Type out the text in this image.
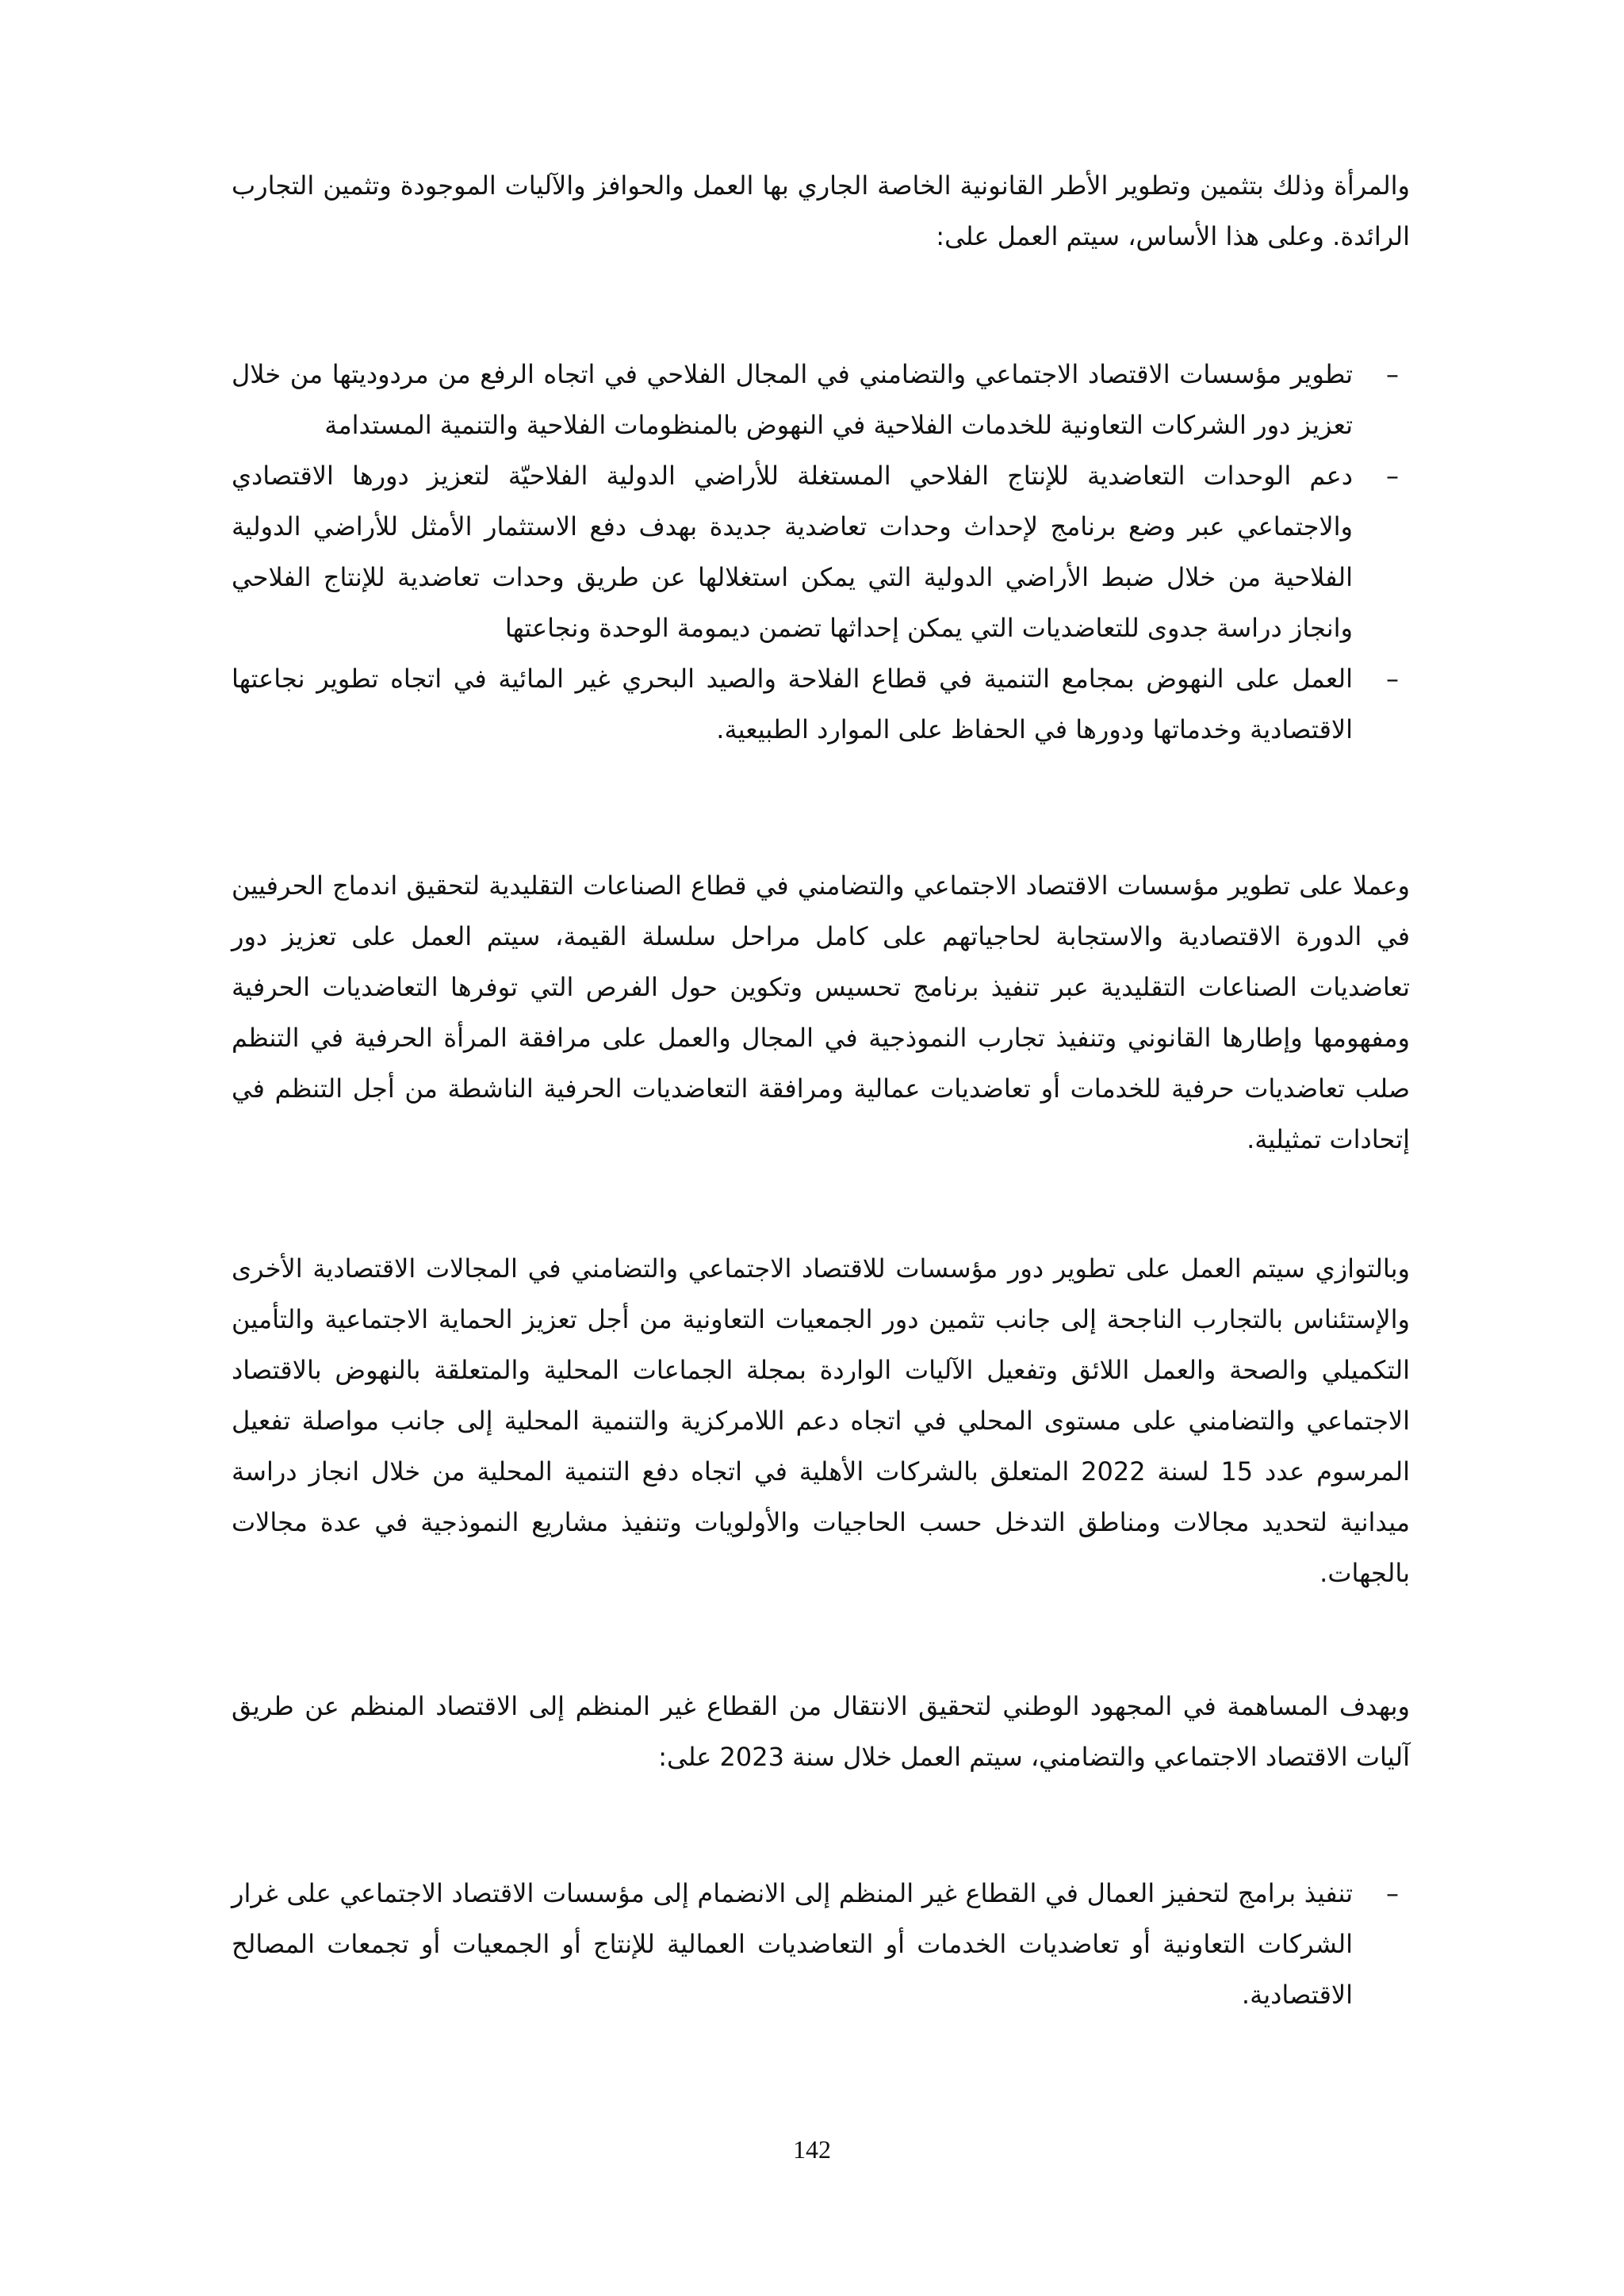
والمرأة وذلك بتثمين وتطوير الأطر القانونية الخاصة الجاري بها العمل والحوافز والآليات الموجودة وتثمين التجارب الرائدة. وعلى هذا الأساس، سيتم العمل على:

–
تطوير مؤسسات الاقتصاد الاجتماعي والتضامني في المجال الفلاحي في اتجاه الرفع من مردوديتها من خلال تعزيز دور الشركات التعاونية للخدمات الفلاحية في النهوض بالمنظومات الفلاحية والتنمية المستدامة
–
دعم الوحدات التعاضدية للإنتاج الفلاحي المستغلة للأراضي الدولية الفلاحيّة لتعزيز دورها الاقتصادي والاجتماعي عبر وضع برنامج لإحداث وحدات تعاضدية جديدة بهدف دفع الاستثمار الأمثل للأراضي الدولية الفلاحية من خلال ضبط الأراضي الدولية التي يمكن استغلالها عن طريق وحدات تعاضدية للإنتاج الفلاحي وانجاز دراسة جدوى للتعاضديات التي يمكن إحداثها تضمن ديمومة الوحدة ونجاعتها
–
العمل على النهوض بمجامع التنمية في قطاع الفلاحة والصيد البحري غير المائية في اتجاه تطوير نجاعتها الاقتصادية وخدماتها ودورها في الحفاظ على الموارد الطبيعية.

وعملا على تطوير مؤسسات الاقتصاد الاجتماعي والتضامني في قطاع الصناعات التقليدية لتحقيق اندماج الحرفيين في الدورة الاقتصادية والاستجابة لحاجياتهم على كامل مراحل سلسلة القيمة، سيتم العمل على تعزيز دور تعاضديات الصناعات التقليدية عبر تنفيذ برنامج تحسيس وتكوين حول الفرص التي توفرها التعاضديات الحرفية ومفهومها وإطارها القانوني وتنفيذ تجارب النموذجية في المجال والعمل على مرافقة المرأة الحرفية في التنظم صلب تعاضديات حرفية للخدمات أو تعاضديات عمالية ومرافقة التعاضديات الحرفية الناشطة من أجل التنظم في إتحادات تمثيلية.

وبالتوازي سيتم العمل على تطوير دور مؤسسات للاقتصاد الاجتماعي والتضامني في المجالات الاقتصادية الأخرى والإستئناس بالتجارب الناجحة إلى جانب تثمين دور الجمعيات التعاونية من أجل تعزيز الحماية الاجتماعية والتأمين التكميلي والصحة والعمل اللائق وتفعيل الآليات الواردة بمجلة الجماعات المحلية والمتعلقة بالنهوض بالاقتصاد الاجتماعي والتضامني على مستوى المحلي في اتجاه دعم اللامركزية والتنمية المحلية إلى جانب مواصلة تفعيل المرسوم عدد 15 لسنة 2022 المتعلق بالشركات الأهلية في اتجاه دفع التنمية المحلية من خلال انجاز دراسة ميدانية لتحديد مجالات ومناطق التدخل حسب الحاجيات والأولويات وتنفيذ مشاريع النموذجية في عدة مجالات بالجهات.

وبهدف المساهمة في المجهود الوطني لتحقيق الانتقال من القطاع غير المنظم إلى الاقتصاد المنظم عن طريق آليات الاقتصاد الاجتماعي والتضامني، سيتم العمل خلال سنة 2023 على:

–
تنفيذ برامج لتحفيز العمال في القطاع غير المنظم إلى الانضمام إلى مؤسسات الاقتصاد الاجتماعي على غرار الشركات التعاونية أو تعاضديات الخدمات أو التعاضديات العمالية للإنتاج أو الجمعيات أو تجمعات المصالح الاقتصادية.
142
